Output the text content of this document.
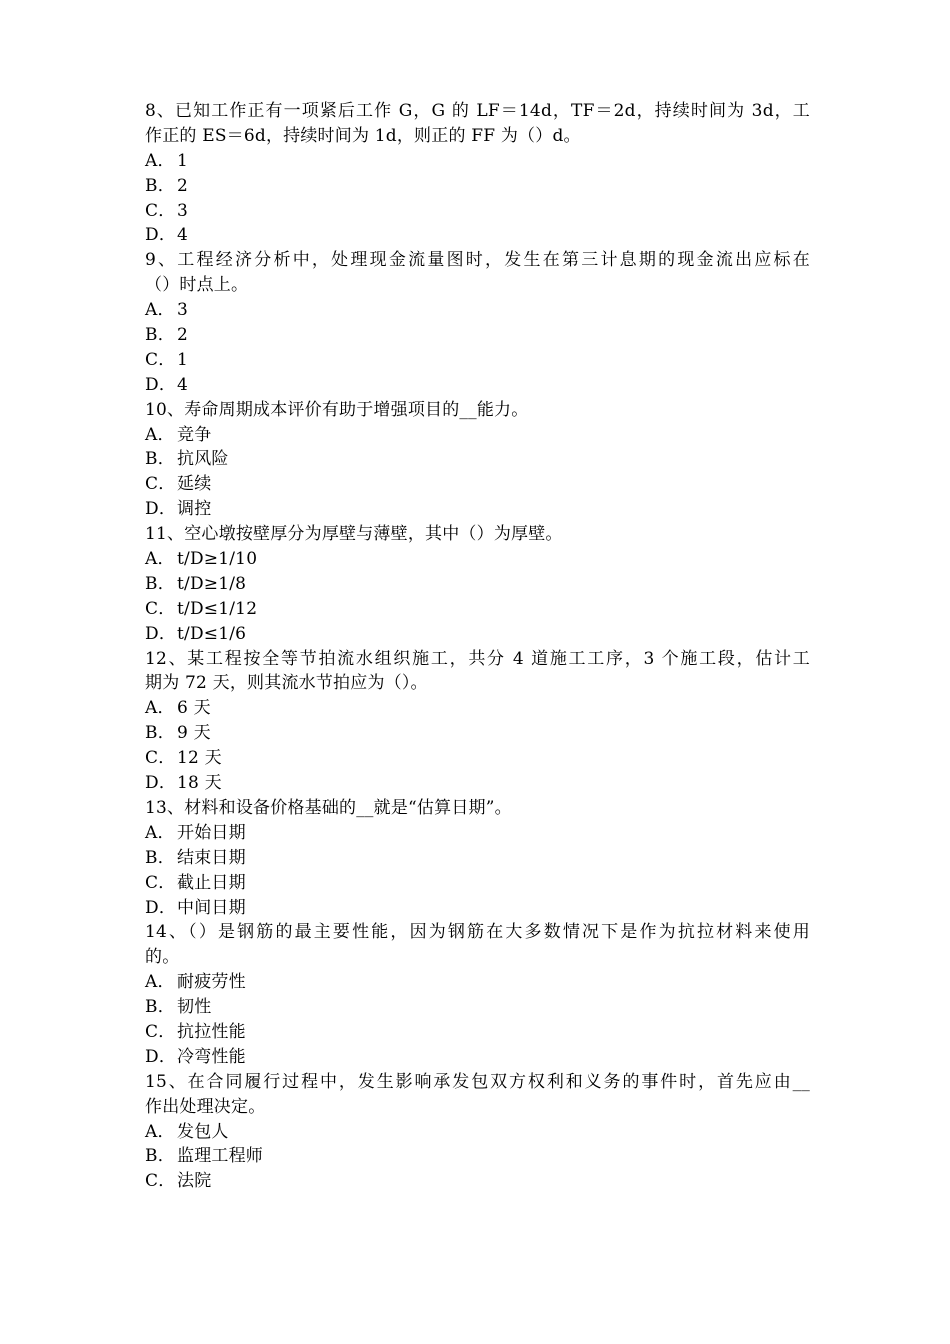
8、已知工作正有一项紧后工作 G，G 的 LF＝14d，TF＝2d，持续时间为 3d，工
作正的 ES＝6d，持续时间为 1d，则正的 FF 为（）d。
A． 1
B． 2
C．3
D．4
9、工程经济分析中，处理现金流量图时，发生在第三计息期的现金流出应标在
（）时点上。
A． 3
B． 2
C．1
D．4
10、寿命周期成本评价有助于增强项目的__能力。
A． 竞争
B． 抗风险
C．延续
D．调控
11、空心墩按壁厚分为厚壁与薄壁，其中（）为厚壁。
A． t/D≥1/10
B． t/D≥1/8
C．t/D≤1/12
D．t/D≤1/6
12、某工程按全等节拍流水组织施工，共分 4 道施工工序，3 个施工段，估计工
期为 72 天，则其流水节拍应为（）。
A． 6 天
B． 9 天
C．12 天
D．18 天
13、材料和设备价格基础的__就是“估算日期”。
A． 开始日期
B． 结束日期
C．截止日期
D．中间日期
14、（）是钢筋的最主要性能，因为钢筋在大多数情况下是作为抗拉材料来使用
的。
A． 耐疲劳性
B． 韧性
C．抗拉性能
D．冷弯性能
15、在合同履行过程中，发生影响承发包双方权利和义务的事件时，首先应由__
作出处理决定。
A． 发包人
B． 监理工程师
C．法院
